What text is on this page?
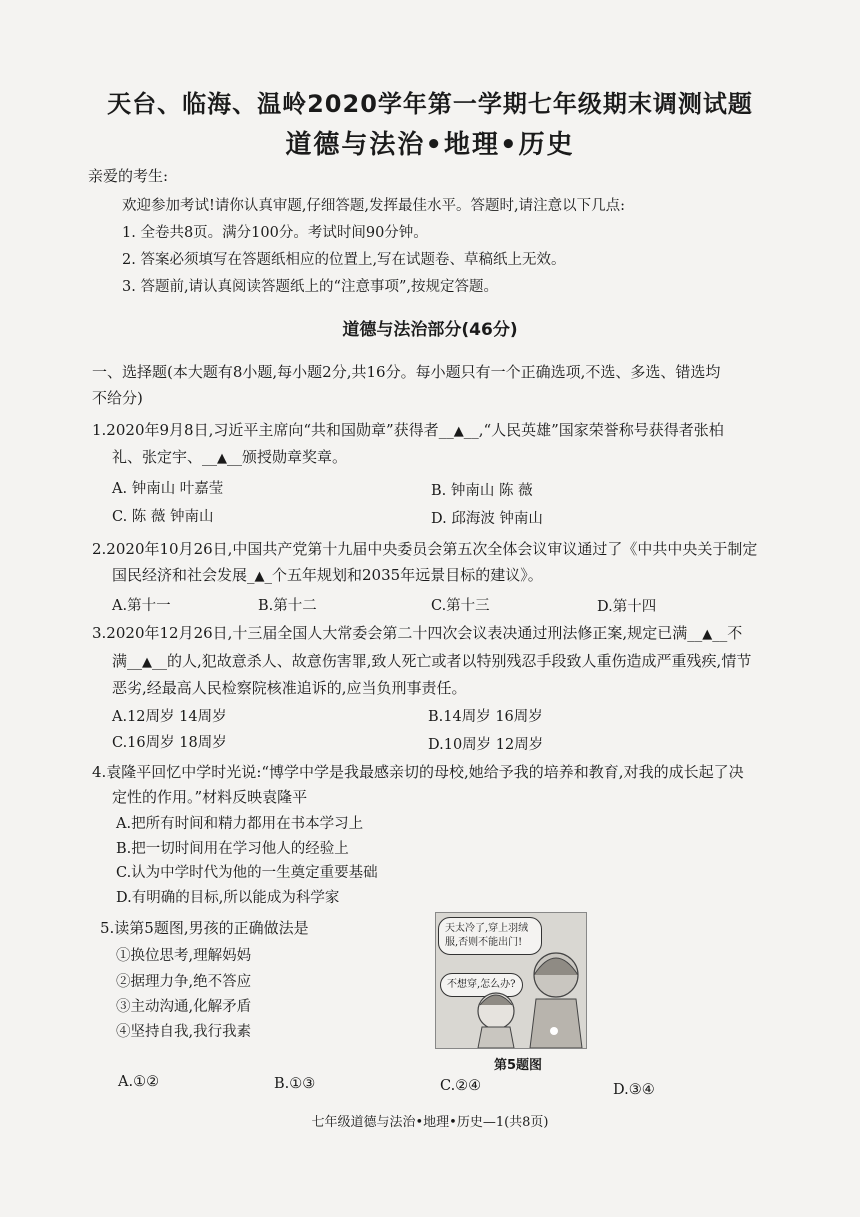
天台、临海、温岭2020学年第一学期七年级期末调测试题
道德与法治•地理•历史
亲爱的考生:
欢迎参加考试!请你认真审题,仔细答题,发挥最佳水平。答题时,请注意以下几点:
1. 全卷共8页。满分100分。考试时间90分钟。
2. 答案必须填写在答题纸相应的位置上,写在试题卷、草稿纸上无效。
3. 答题前,请认真阅读答题纸上的“注意事项”,按规定答题。
道德与法治部分(46分)
一、选择题(本大题有8小题,每小题2分,共16分。每小题只有一个正确选项,不选、多选、错选均
不给分)
1.2020年9月8日,习近平主席向“共和国勋章”获得者__▲__,“人民英雄”国家荣誉称号获得者张柏
礼、张定宇、__▲__颁授勋章奖章。
A. 钟南山 叶嘉莹	B. 钟南山 陈 薇
C. 陈 薇 钟南山	D. 邱海波 钟南山
2.2020年10月26日,中国共产党第十九届中央委员会第五次全体会议审议通过了《中共中央关于制定
国民经济和社会发展_▲_个五年规划和2035年远景目标的建议》。
A.第十一	B.第十二	C.第十三	D.第十四
3.2020年12月26日,十三届全国人大常委会第二十四次会议表决通过刑法修正案,规定已满__▲__不
满__▲__的人,犯故意杀人、故意伤害罪,致人死亡或者以特别残忍手段致人重伤造成严重残疾,情节
恶劣,经最高人民检察院核准追诉的,应当负刑事责任。
A.12周岁 14周岁	B.14周岁 16周岁
C.16周岁 18周岁	D.10周岁 12周岁
4.袁隆平回忆中学时光说:“博学中学是我最感亲切的母校,她给予我的培养和教育,对我的成长起了决
定性的作用。”材料反映袁隆平
A.把所有时间和精力都用在书本学习上
B.把一切时间用在学习他人的经验上
C.认为中学时代为他的一生奠定重要基础
D.有明确的目标,所以能成为科学家
5.读第5题图,男孩的正确做法是
①换位思考,理解妈妈
②据理力争,绝不答应
③主动沟通,化解矛盾
④坚持自我,我行我素
天太冷了,穿上羽绒服,否则不能出门!
不想穿,怎么办?
第5题图
A.①②	B.①③	C.②④	D.③④
七年级道德与法治•地理•历史—1(共8页)
